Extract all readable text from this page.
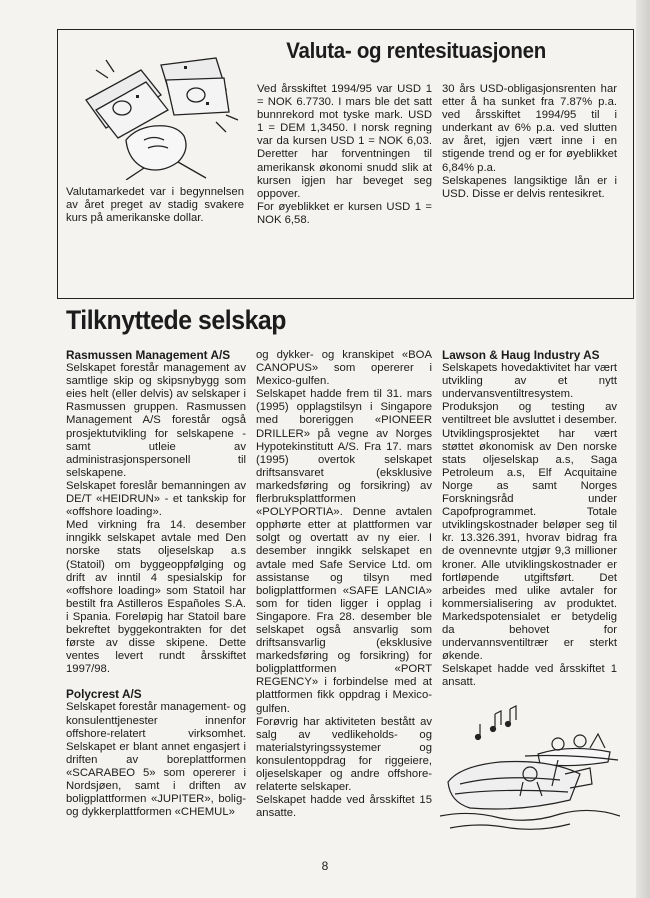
Valutamarkedet var i begynnelsen av året preget av stadig svakere kurs på amerikanske dollar.
Valuta- og rentesituasjonen

Ved årsskiftet 1994/95 var USD 1 = NOK 6.7730. I mars ble det satt bunnrekord mot tyske mark. USD 1 = DEM 1,3450. I norsk regning var da kursen USD 1 = NOK 6,03. Deretter har forventningen til amerikansk økonomi snudd slik at kursen igjen har beveget seg oppover.

For øyeblikket er kursen USD 1 = NOK 6,58.

30 års USD-obligasjonsrenten har etter å ha sunket fra 7.87% p.a. ved årsskiftet 1994/95 til i underkant av 6% p.a. ved slutten av året, igjen vært inne i en stigende trend og er for øyeblikket 6,84% p.a.

Selskapenes langsiktige lån er i USD. Disse er delvis rentesikret.

Tilknyttede selskap

Rasmussen Management A/S

Selskapet forestår management av samtlige skip og skipsnybygg som eies helt (eller delvis) av selskaper i Rasmussen gruppen. Rasmussen Management A/S forestår også prosjektutvikling for selskapene - samt utleie av administrasjonspersonell til selskapene.

Selskapet foreslår bemanningen av DE/T «HEIDRUN» - et tankskip for «offshore loading».

Med virkning fra 14. desember inngikk selskapet avtale med Den norske stats oljeselskap a.s (Statoil) om byggeoppfølging og drift av inntil 4 spesialskip for «offshore loading» som Statoil har bestilt fra Astilleros Españoles S.A. i Spania. Foreløpig har Statoil bare bekreftet byggekontrakten for det første av disse skipene. Dette ventes levert rundt årsskiftet 1997/98.

Polycrest A/S

Selskapet forestår management- og konsulenttjenester innenfor offshore-relatert virksomhet. Selskapet er blant annet engasjert i driften av boreplattformen «SCARABEO 5» som opererer i Nordsjøen, samt i driften av boligplattformen «JUPITER», bolig- og dykkerplattformen «CHEMUL»

og dykker- og kranskipet «BOA CANOPUS» som opererer i Mexico-gulfen.

Selskapet hadde frem til 31. mars (1995) opplagstilsyn i Singapore med boreriggen «PIONEER DRILLER» på vegne av Norges Hypotekinstitutt A/S. Fra 17. mars (1995) overtok selskapet driftsansvaret (eksklusive markedsføring og forsikring) av flerbruksplattformen «POLYPORTIA». Denne avtalen opphørte etter at plattformen var solgt og overtatt av ny eier. I desember inngikk selskapet en avtale med Safe Service Ltd. om assistanse og tilsyn med boligplattformen «SAFE LANCIA» som for tiden ligger i opplag i Singapore. Fra 28. desember ble selskapet også ansvarlig som driftsansvarlig (eksklusive markedsføring og forsikring) for boligplattformen «PORT REGENCY» i forbindelse med at plattformen fikk oppdrag i Mexico-gulfen.

Forøvrig har aktiviteten bestått av salg av vedlikeholds- og materialstyringssystemer og konsulentoppdrag for riggeiere, oljeselskaper og andre offshore-relaterte selskaper.

Selskapet hadde ved årsskiftet 15 ansatte.

Lawson & Haug Industry AS

Selskapets hovedaktivitet har vært utvikling av et nytt undervansventiltresystem.

Produksjon og testing av ventiltreet ble avsluttet i desember. Utviklingsprosjektet har vært støttet økonomisk av Den norske stats oljeselskap a.s, Saga Petroleum a.s, Elf Acquitaine Norge as samt Norges Forskningsråd under Capofprogrammet. Totale utviklingskostnader beløper seg til kr. 13.326.391, hvorav bidrag fra de ovennevnte utgjør 9,3 millioner kroner. Alle utviklingskostnader er fortløpende utgiftsført. Det arbeides med ulike avtaler for kommersialisering av produktet. Markedspotensialet er betydelig da behovet for undervannsventiltrær er sterkt økende.

Selskapet hadde ved årsskiftet 1 ansatt.

8
